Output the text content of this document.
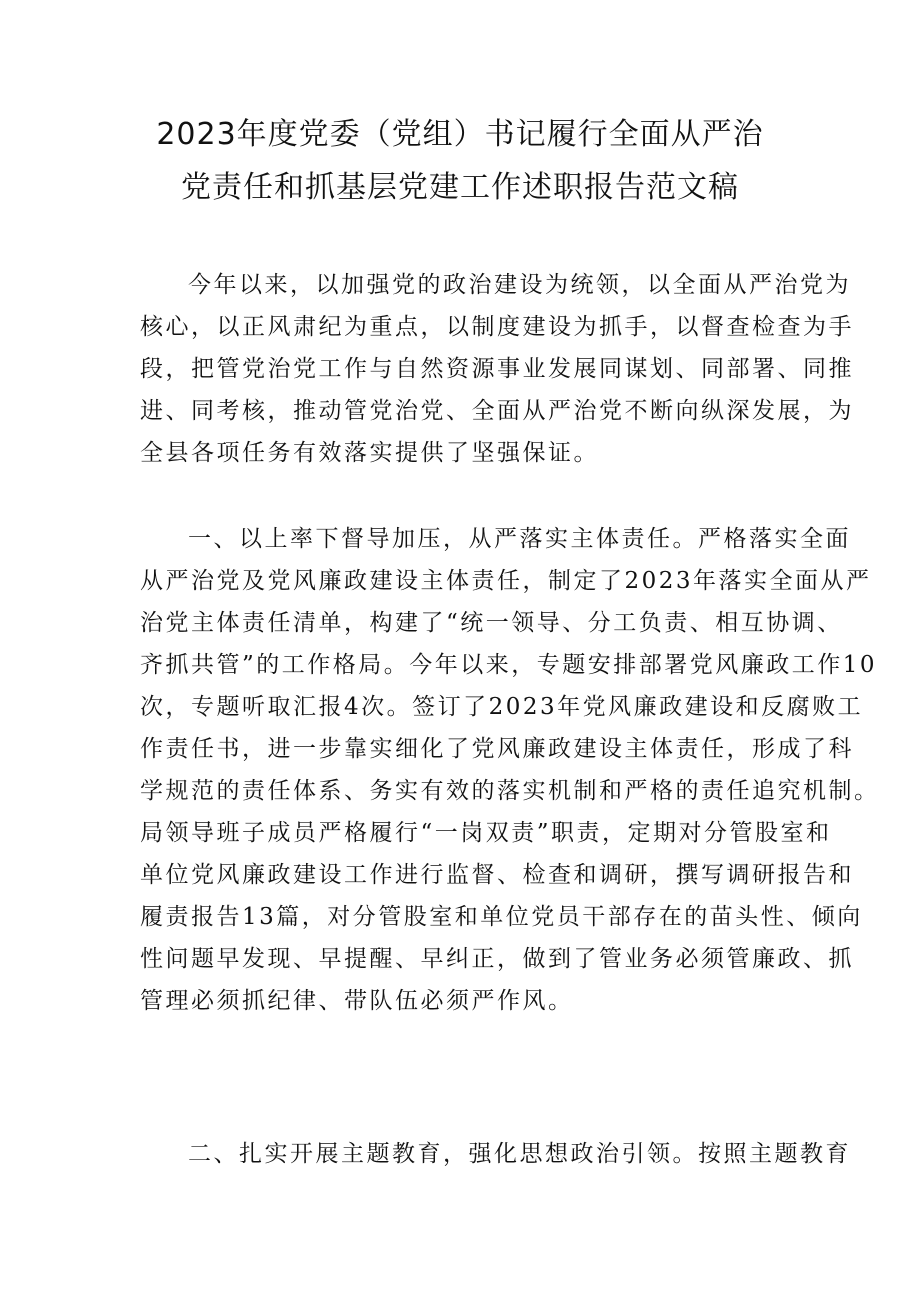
2023年度党委（党组）书记履行全面从严治
党责任和抓基层党建工作述职报告范文稿
今年以来，以加强党的政治建设为统领，以全面从严治党为
核心，以正风肃纪为重点，以制度建设为抓手，以督查检查为手
段，把管党治党工作与自然资源事业发展同谋划、同部署、同推
进、同考核，推动管党治党、全面从严治党不断向纵深发展，为
全县各项任务有效落实提供了坚强保证。
一、以上率下督导加压，从严落实主体责任。严格落实全面
从严治党及党风廉政建设主体责任，制定了2023年落实全面从严
治党主体责任清单，构建了“统一领导、分工负责、相互协调、
齐抓共管”的工作格局。今年以来，专题安排部署党风廉政工作10
次，专题听取汇报4次。签订了2023年党风廉政建设和反腐败工
作责任书，进一步靠实细化了党风廉政建设主体责任，形成了科
学规范的责任体系、务实有效的落实机制和严格的责任追究机制。
局领导班子成员严格履行“一岗双责”职责，定期对分管股室和
单位党风廉政建设工作进行监督、检查和调研，撰写调研报告和
履责报告13篇，对分管股室和单位党员干部存在的苗头性、倾向
性问题早发现、早提醒、早纠正，做到了管业务必须管廉政、抓
管理必须抓纪律、带队伍必须严作风。
二、扎实开展主题教育，强化思想政治引领。按照主题教育
